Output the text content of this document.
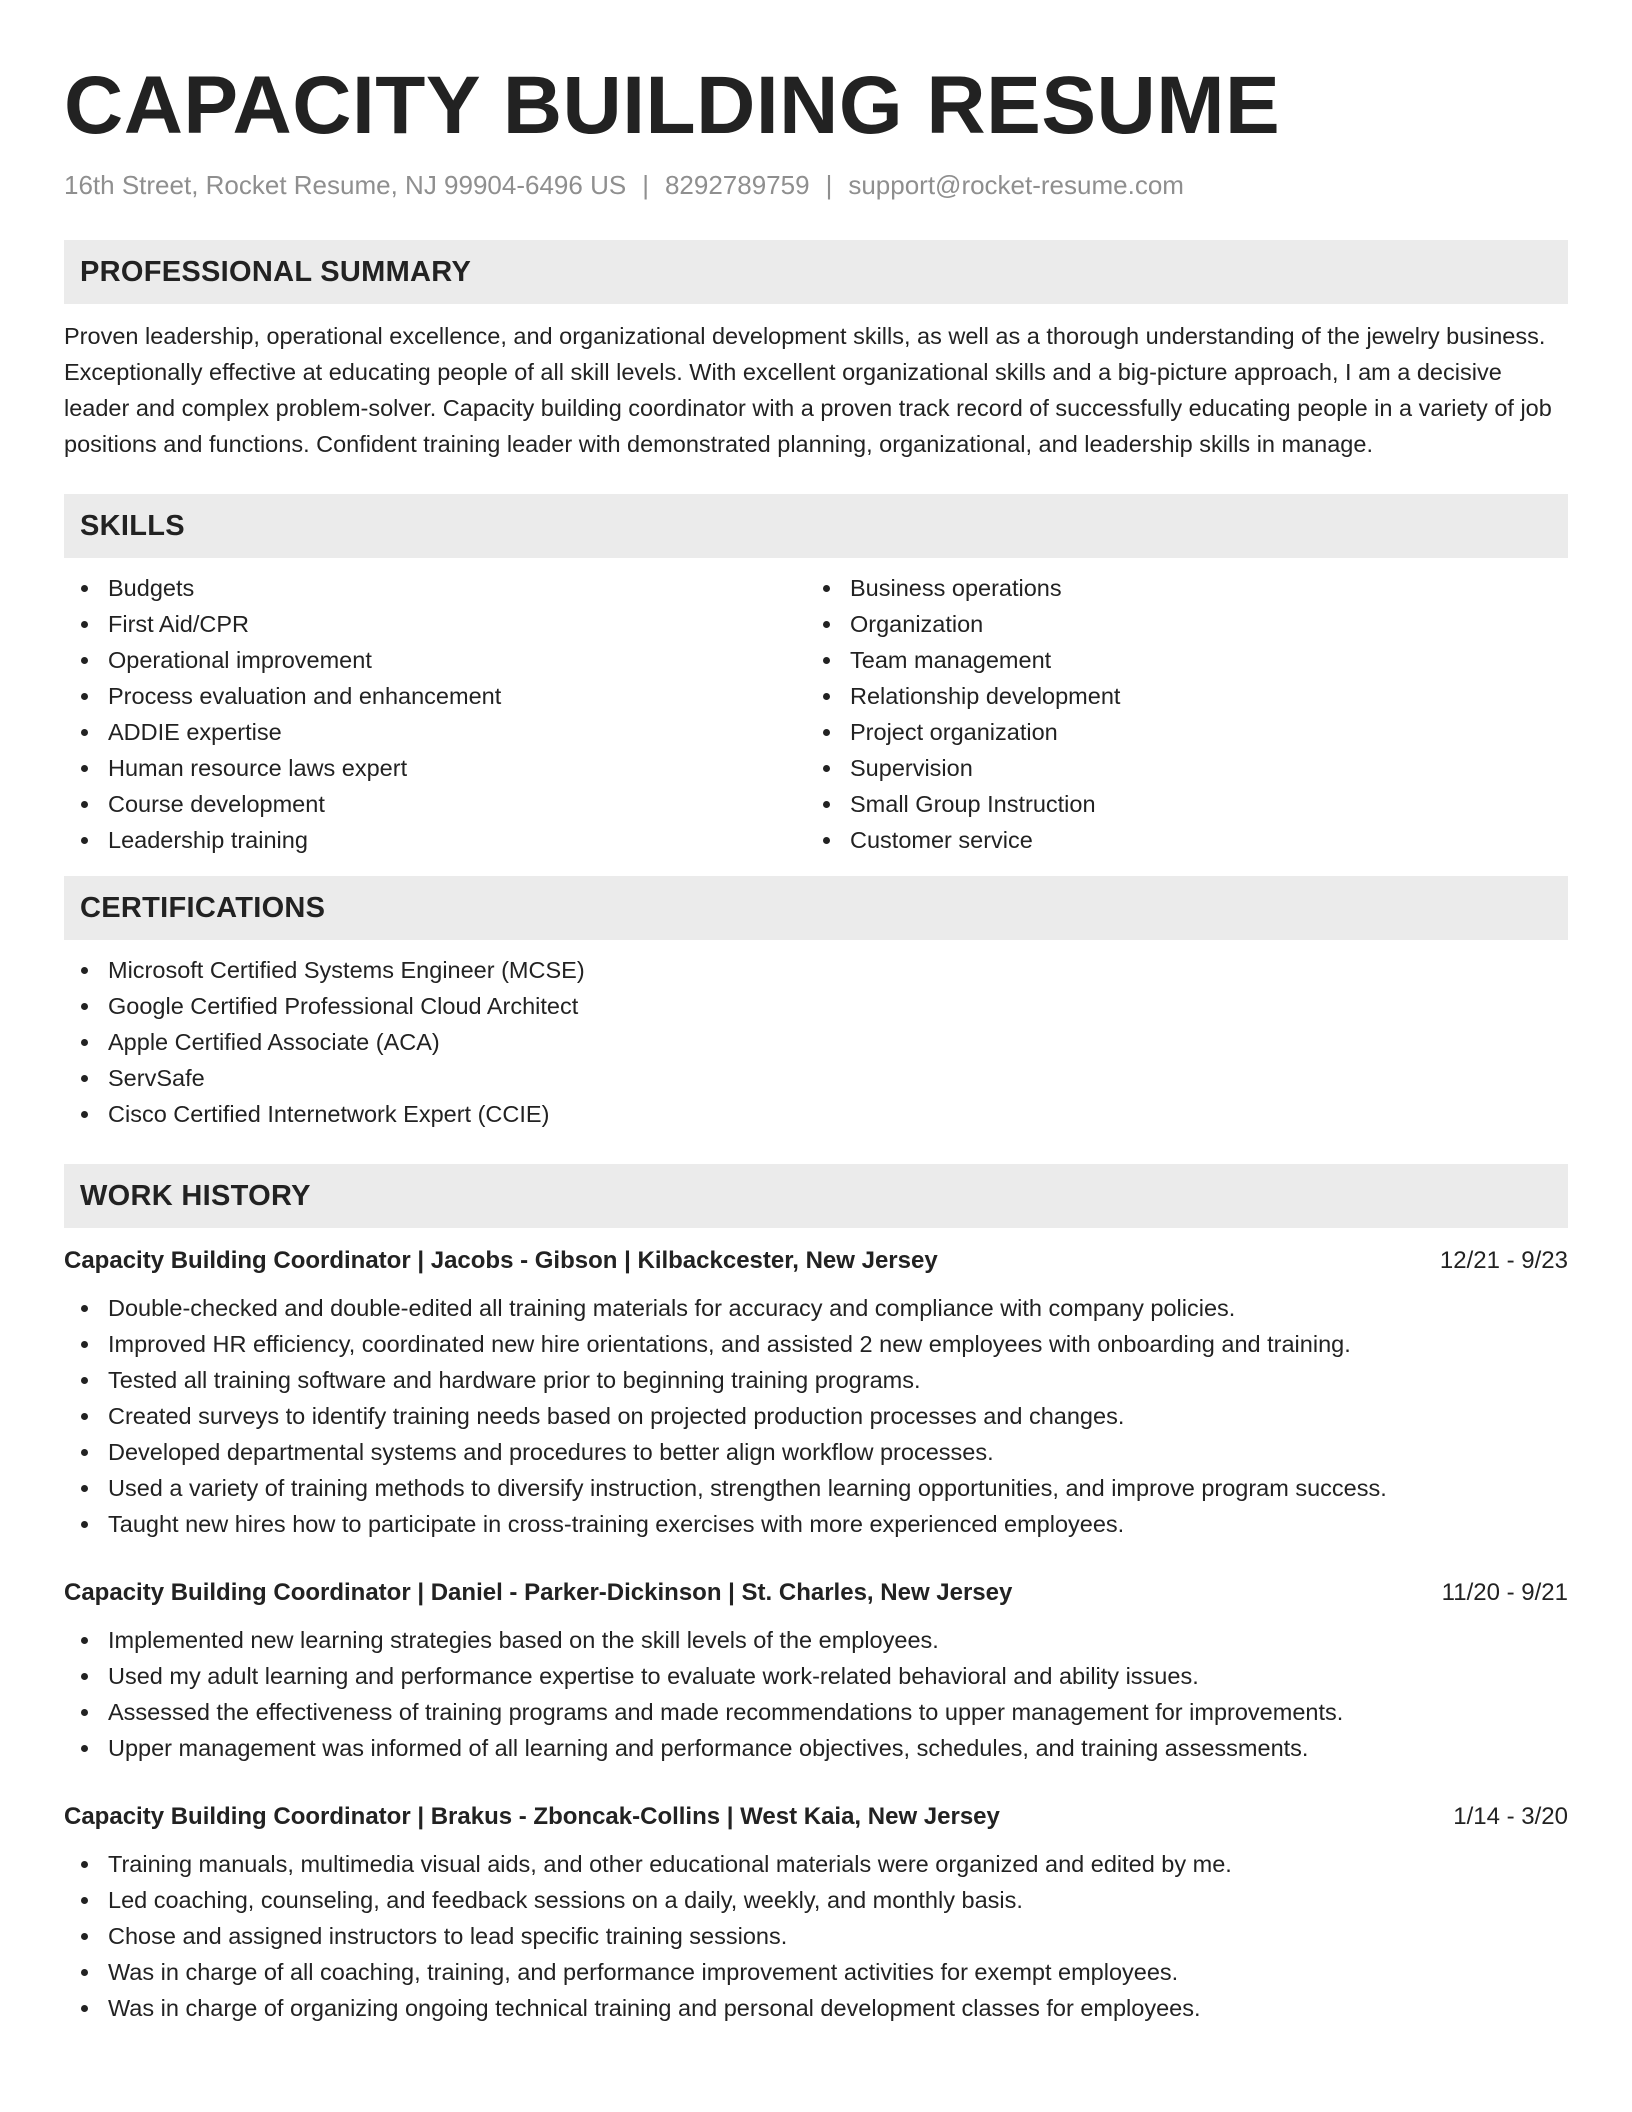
CAPACITY BUILDING RESUME
16th Street, Rocket Resume, NJ 99904-6496 US | 8292789759 | support@rocket-resume.com
PROFESSIONAL SUMMARY

Proven leadership, operational excellence, and organizational development skills, as well as a thorough understanding of the jewelry business. Exceptionally effective at educating people of all skill levels. With excellent organizational skills and a big-picture approach, I am a decisive leader and complex problem-solver. Capacity building coordinator with a proven track record of successfully educating people in a variety of job positions and functions. Confident training leader with demonstrated planning, organizational, and leadership skills in manage.

SKILLS
Budgets
First Aid/CPR
Operational improvement
Process evaluation and enhancement
ADDIE expertise
Human resource laws expert
Course development
Leadership training
Business operations
Organization
Team management
Relationship development
Project organization
Supervision
Small Group Instruction
Customer service
CERTIFICATIONS
Microsoft Certified Systems Engineer (MCSE)
Google Certified Professional Cloud Architect
Apple Certified Associate (ACA)
ServSafe
Cisco Certified Internetwork Expert (CCIE)
WORK HISTORY
Capacity Building Coordinator | Jacobs - Gibson | Kilbackcester, New Jersey	12/21 - 9/23
Double-checked and double-edited all training materials for accuracy and compliance with company policies.
Improved HR efficiency, coordinated new hire orientations, and assisted 2 new employees with onboarding and training.
Tested all training software and hardware prior to beginning training programs.
Created surveys to identify training needs based on projected production processes and changes.
Developed departmental systems and procedures to better align workflow processes.
Used a variety of training methods to diversify instruction, strengthen learning opportunities, and improve program success.
Taught new hires how to participate in cross-training exercises with more experienced employees.
Capacity Building Coordinator | Daniel - Parker-Dickinson | St. Charles, New Jersey	11/20 - 9/21
Implemented new learning strategies based on the skill levels of the employees.
Used my adult learning and performance expertise to evaluate work-related behavioral and ability issues.
Assessed the effectiveness of training programs and made recommendations to upper management for improvements.
Upper management was informed of all learning and performance objectives, schedules, and training assessments.
Capacity Building Coordinator | Brakus - Zboncak-Collins | West Kaia, New Jersey	1/14 - 3/20
Training manuals, multimedia visual aids, and other educational materials were organized and edited by me.
Led coaching, counseling, and feedback sessions on a daily, weekly, and monthly basis.
Chose and assigned instructors to lead specific training sessions.
Was in charge of all coaching, training, and performance improvement activities for exempt employees.
Was in charge of organizing ongoing technical training and personal development classes for employees.
